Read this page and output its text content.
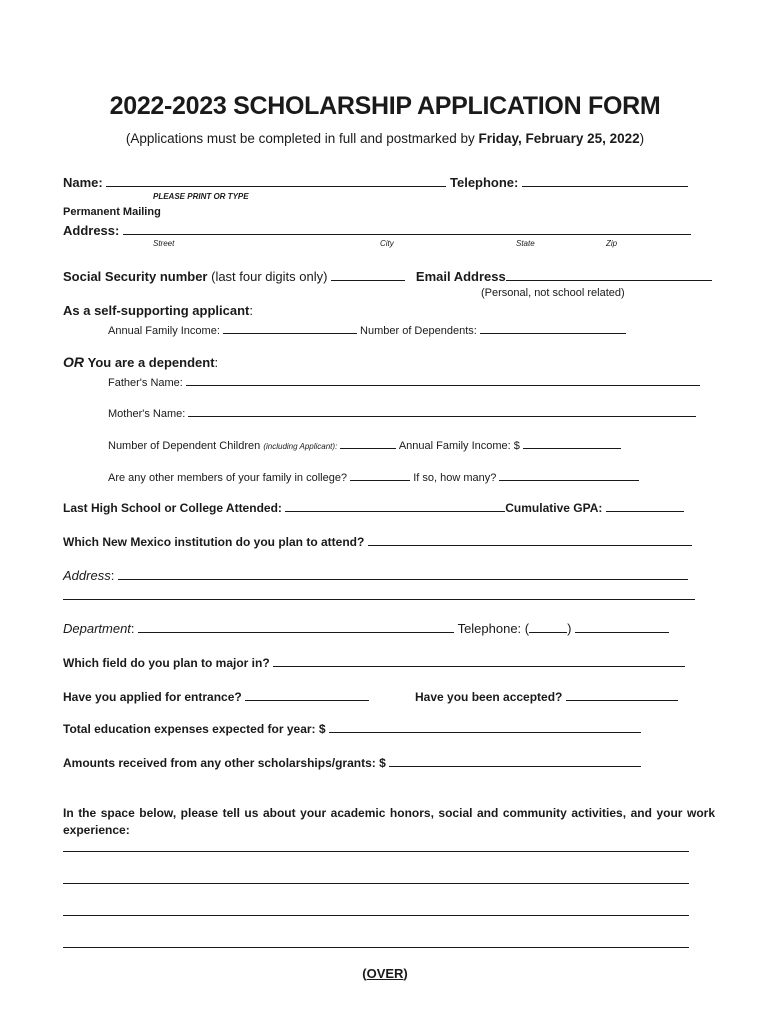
2022-2023 SCHOLARSHIP APPLICATION FORM
(Applications must be completed in full and postmarked by Friday, February 25, 2022)
Name:	Telephone:
PLEASE PRINT OR TYPE
Permanent Mailing
Address:
Street	City	State	Zip
Social Security number (last four digits only)	Email Address
(Personal, not school related)
As a self-supporting applicant:
Annual Family Income:	Number of Dependents:
OR You are a dependent:
Father's Name:
Mother's Name:
Number of Dependent Children (including Applicant):	Annual Family Income: $
Are any other members of your family in college?	If so, how many?
Last High School or College Attended:	Cumulative GPA:
Which New Mexico institution do you plan to attend?
Address:
Department:	Telephone: (	)
Which field do you plan to major in?
Have you applied for entrance?	Have you been accepted?
Total education expenses expected for year: $
Amounts received from any other scholarships/grants: $
In the space below, please tell us about your academic honors, social and community activities, and your work experience:
(OVER)
